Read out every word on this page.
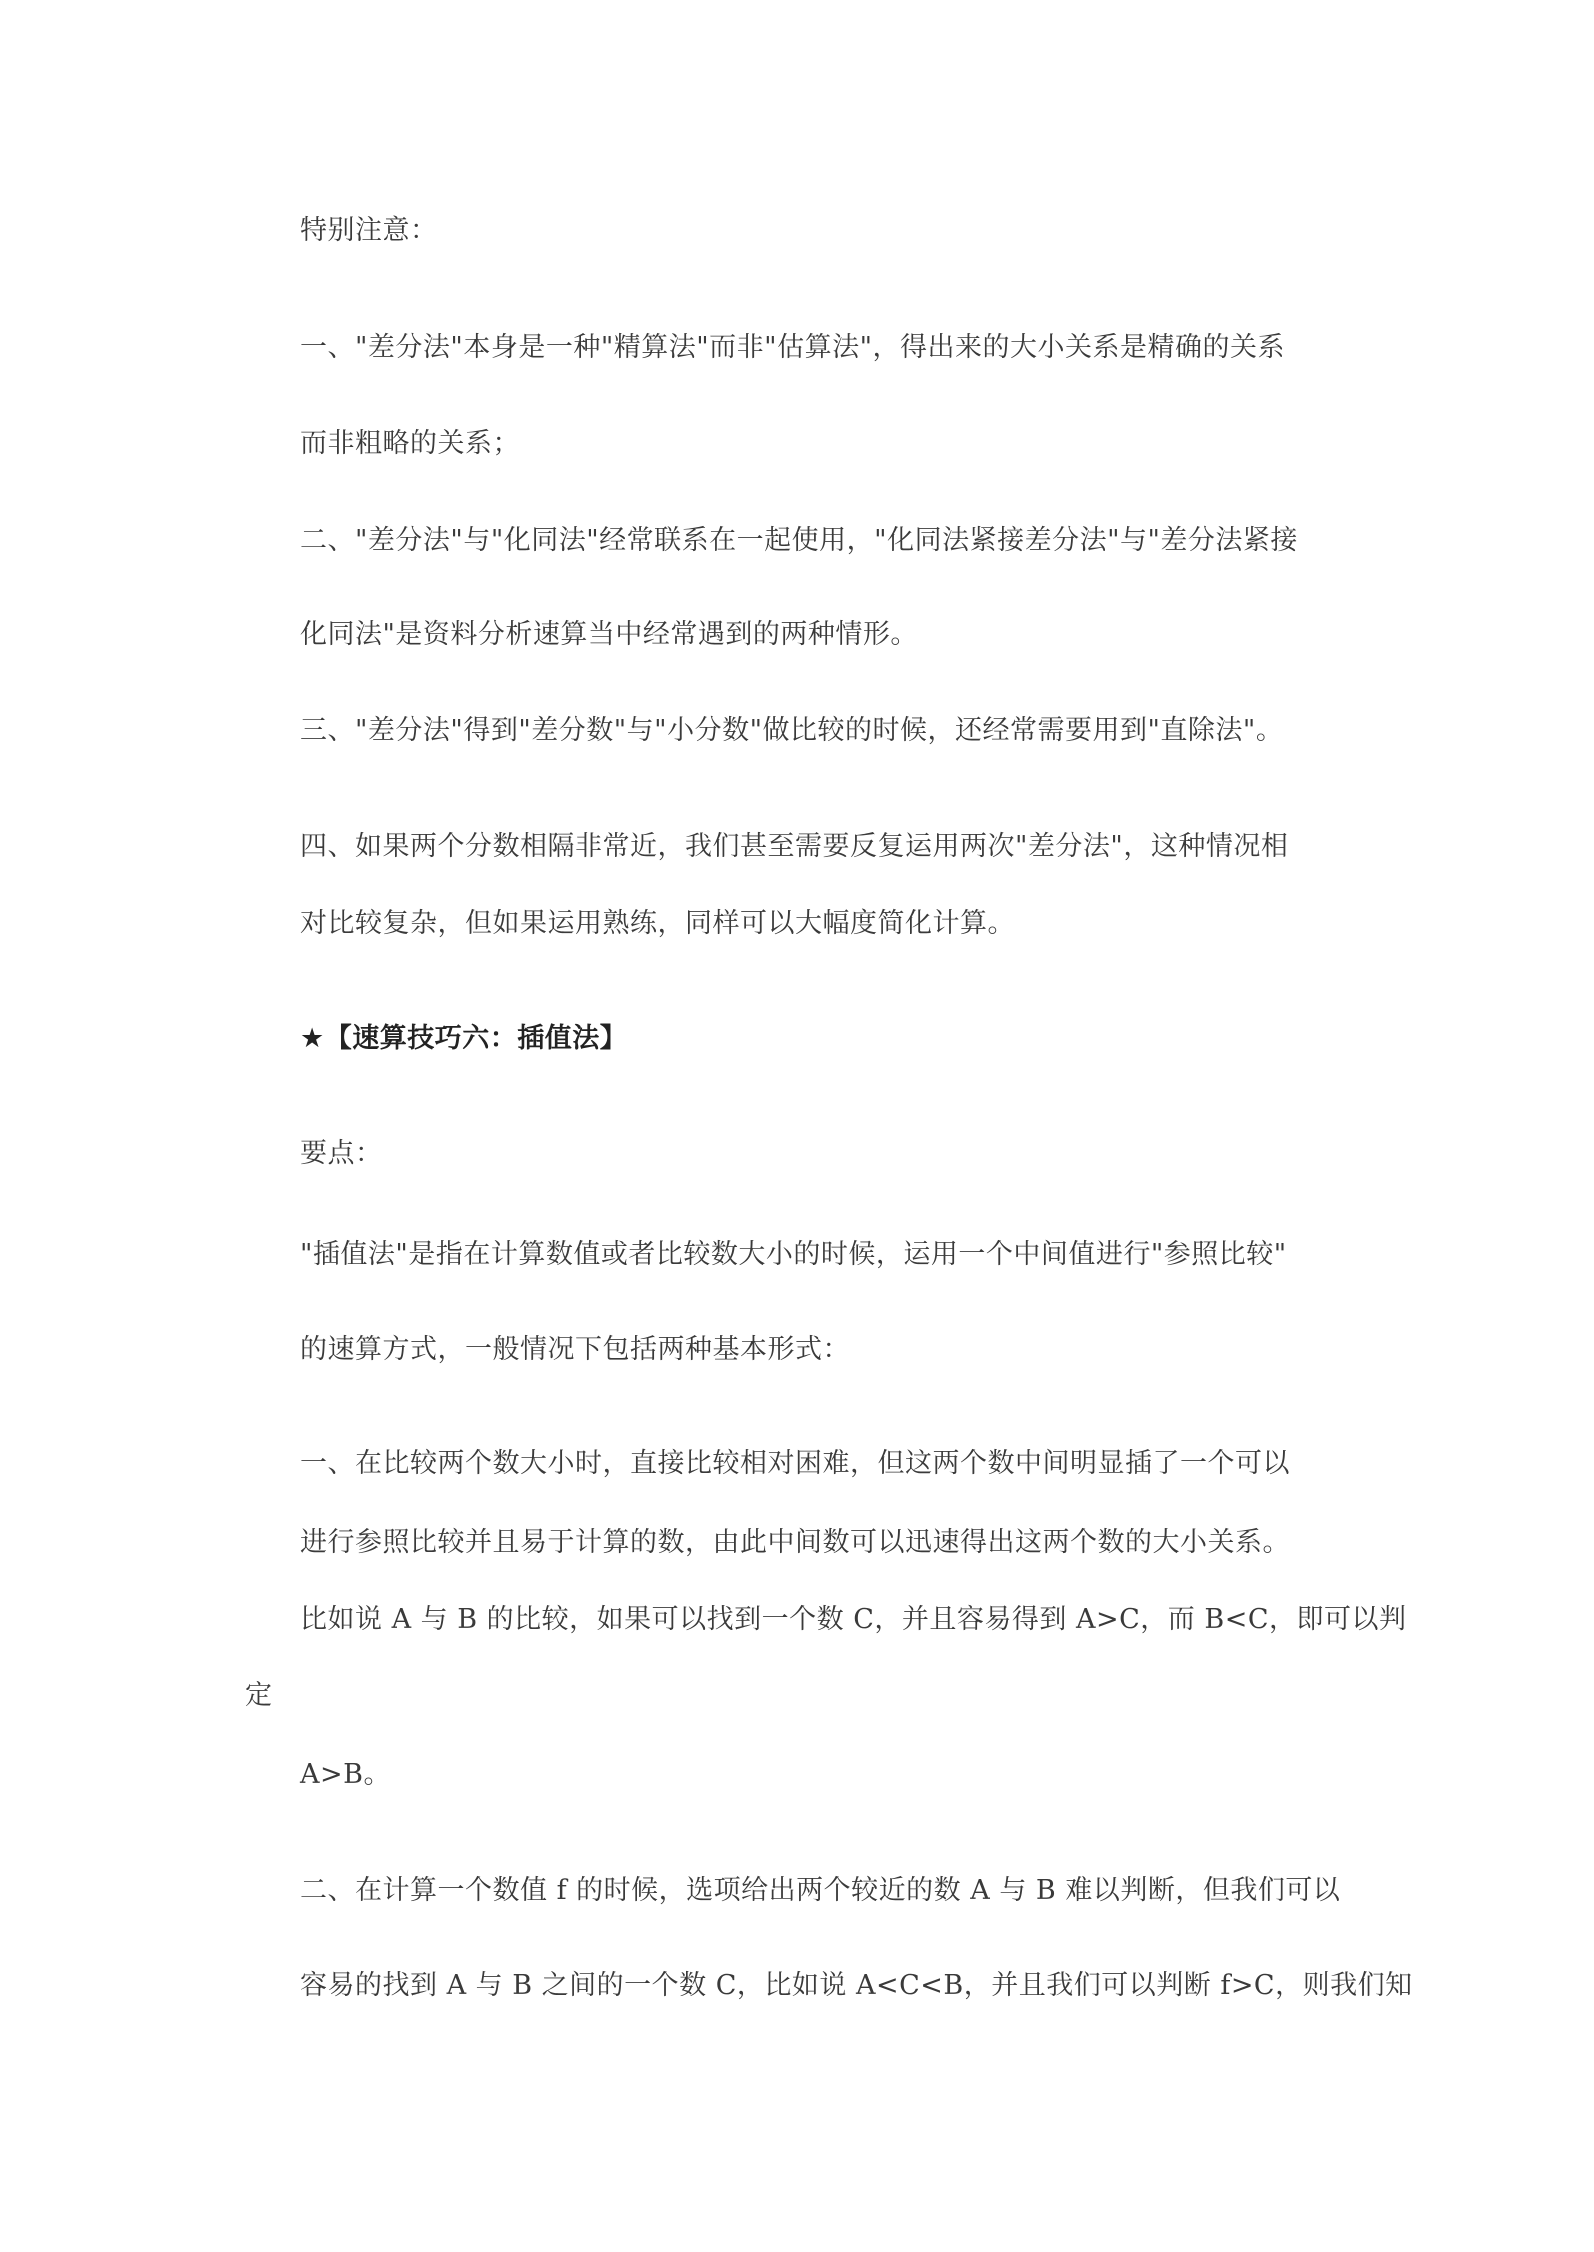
特别注意：
一、"差分法"本身是一种"精算法"而非"估算法"，得出来的大小关系是精确的关系
而非粗略的关系；
二、"差分法"与"化同法"经常联系在一起使用，"化同法紧接差分法"与"差分法紧接
化同法"是资料分析速算当中经常遇到的两种情形。
三、"差分法"得到"差分数"与"小分数"做比较的时候，还经常需要用到"直除法"。
四、如果两个分数相隔非常近，我们甚至需要反复运用两次"差分法"，这种情况相
对比较复杂，但如果运用熟练，同样可以大幅度简化计算。
★【速算技巧六：插值法】
要点：
"插值法"是指在计算数值或者比较数大小的时候，运用一个中间值进行"参照比较"
的速算方式，一般情况下包括两种基本形式：
一、在比较两个数大小时，直接比较相对困难，但这两个数中间明显插了一个可以
进行参照比较并且易于计算的数，由此中间数可以迅速得出这两个数的大小关系。
比如说 A 与 B 的比较，如果可以找到一个数 C，并且容易得到 A>C，而 B<C，即可以判
定
A>B。
二、在计算一个数值 f 的时候，选项给出两个较近的数 A 与 B 难以判断，但我们可以
容易的找到 A 与 B 之间的一个数 C，比如说 A<C<B，并且我们可以判断 f>C，则我们知
